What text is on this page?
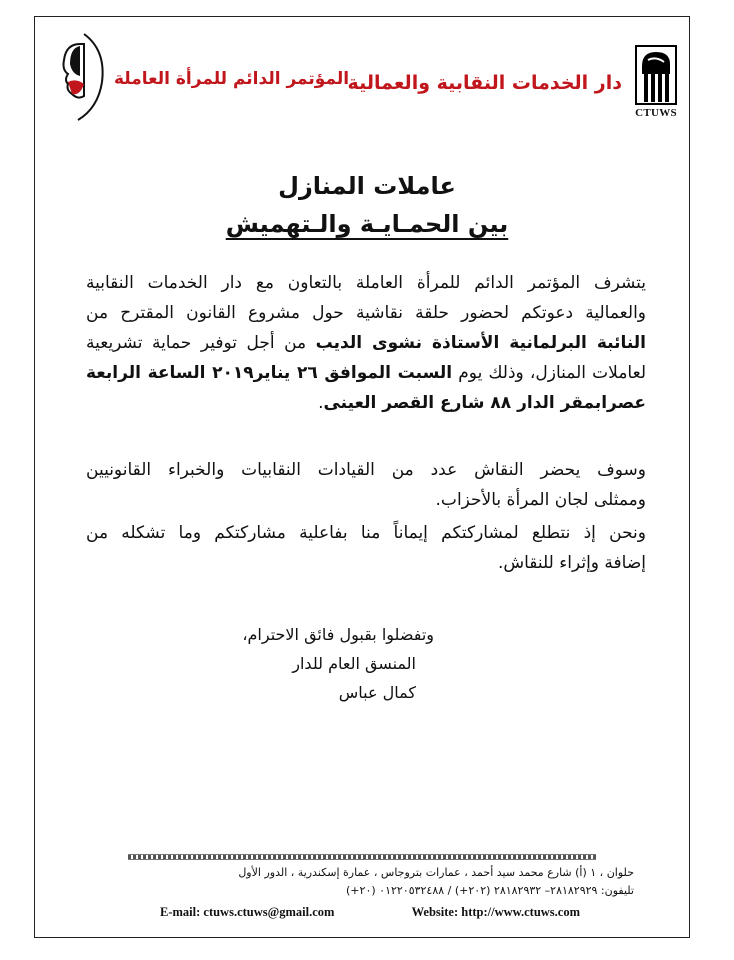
CTUWS
دار الخدمات النقابية والعمالية
المؤتمر الدائم للمرأة العاملة
عاملات المنازل
بين الحمـايـة والـتهميش
يتشرف المؤتمر الدائم للمرأة العاملة بالتعاون مع دار الخدمات النقابية
والعمالية دعوتكم لحضور حلقة نقاشية حول مشروع القانون المقترح من
النائبة البرلمانية الأستاذة نشوى الديب من أجل توفير حماية تشريعية
لعاملات المنازل، وذلك يوم السبت الموافق ٢٦ يناير٢٠١٩ الساعة الرابعة
عصرابمقر الدار ٨٨ شارع القصر العينى.
وسوف يحضر النقاش عدد من القيادات النقابيات والخبراء القانونيين
وممثلى لجان المرأة بالأحزاب.
ونحن إذ نتطلع لمشاركتكم إيماناً منا بفاعلية مشاركتكم وما تشكله من
إضافة وإثراء للنقاش.
وتفضلوا بقبول فائق الاحترام،
المنسق العام للدار
كمال عباس
حلوان ، ١ (أ) شارع محمد سيد أحمد ، عمارات بتروجاس ، عمارة إسكندرية ، الدور الأول
تليفون: ٢٨١٨٢٩٢٩– ٢٨١٨٢٩٣٢ (٢٠٢+) / ٠١٢٢٠٥٣٢٤٨٨ (٢٠+)
E-mail: ctuws.ctuws@gmail.com	Website: http://www.ctuws.com
